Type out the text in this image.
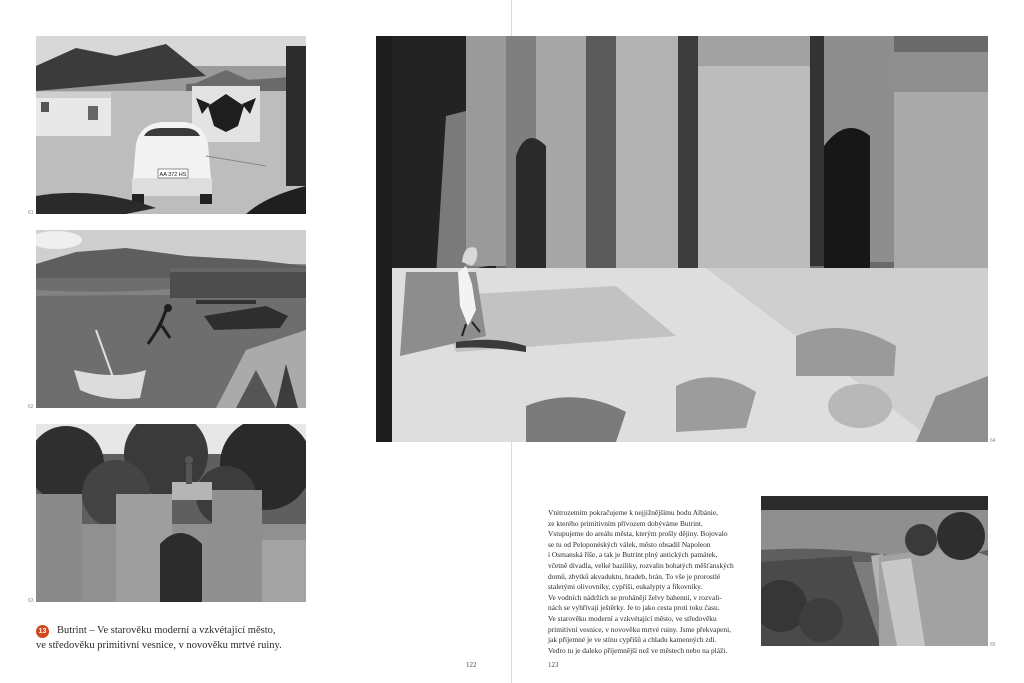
AA 372 HS
61
62
63
13	Butrint – Ve starověku moderní a vzkvétající město,
ve středověku primitivní vesnice, v novověku mrtvé ruiny.
64
Vnitrozemím pokračujeme k nejjižnějšímu bodu Albánie,
ze kterého primitivním přívozem dobýváme Butrint.
Vstupujeme do areálu města, kterým prošly dějiny. Bojovalo
se tu od Peloponéských válek, město obsadil Napoleon
i Osmanská říše, a tak je Butrint plný antických památek,
včetně divadla, velké baziliky, rozvalin bohatých měšťanských
domů, zbytků akvaduktu, hradeb, brán. To vše je prorostlé
staletými olivovníky, cypřiši, eukalypty a fíkovníky.
Ve vodních nádržích se prohánějí želvy bahenní, v rozvali-
nách se vyhřívají ještěrky. Je to jako cesta proti toku času.
Ve starověku moderní a vzkvétající město, ve středověku
primitivní vesnice, v novověku mrtvé ruiny. Jsme překvapeni,
jak příjemné je ve stínu cypřišů a chladu kamenných zdí.
Vedro tu je daleko příjemnější než ve městech nebo na pláži.
65
122	123
